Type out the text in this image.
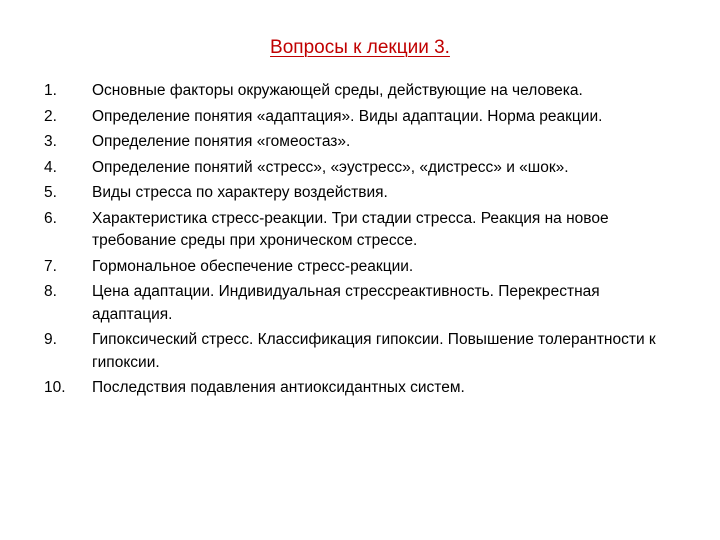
Вопросы к лекции 3.
1.	Основные факторы окружающей среды, действующие на человека.
2.	Определение понятия «адаптация». Виды адаптации. Норма реакции.
3.	Определение понятия «гомеостаз».
4.	Определение понятий «стресс», «эустресс», «дистресс» и «шок».
5.	Виды стресса по характеру воздействия.
6.	Характеристика стресс-реакции. Три стадии стресса. Реакция на новое требование среды при хроническом стрессе.
7.	Гормональное обеспечение стресс-реакции.
8.	Цена адаптации. Индивидуальная стрессреактивность. Перекрестная адаптация.
9.	Гипоксический стресс. Классификация гипоксии. Повышение толерантности к гипоксии.
10.	Последствия подавления антиоксидантных систем.
